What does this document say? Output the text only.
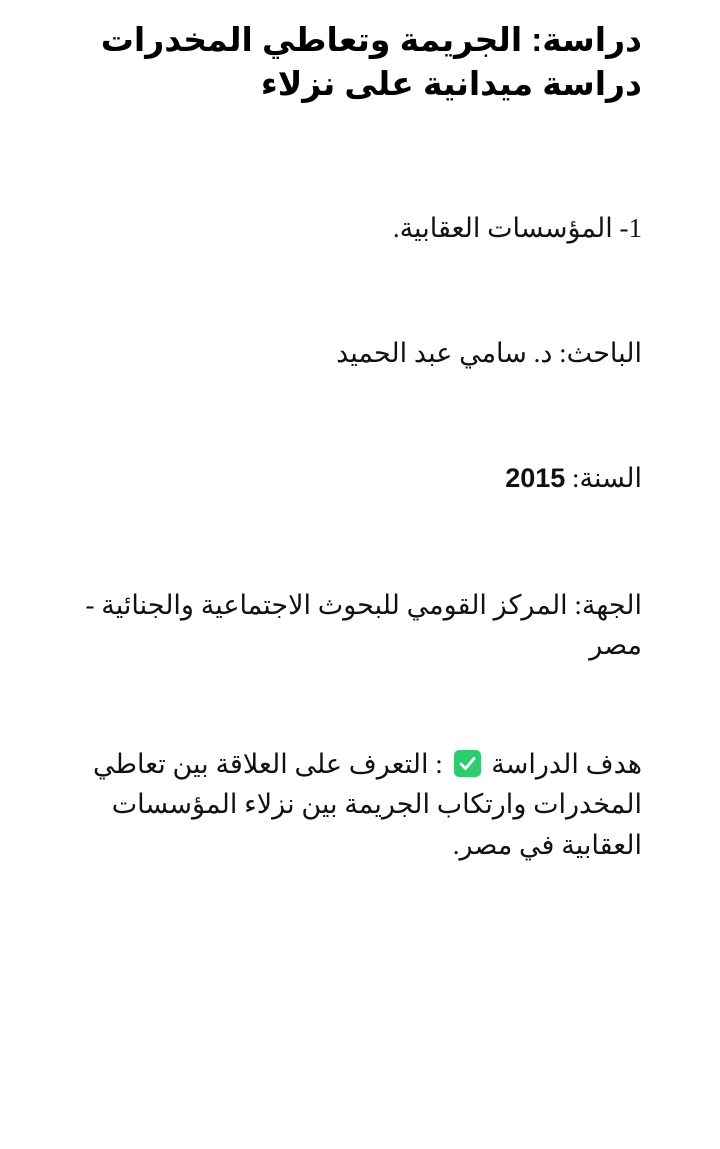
دراسة: الجريمة وتعاطي المخدرات دراسة ميدانية على نزلاء

1- المؤسسات العقابية.

الباحث: د. سامي عبد الحميد

السنة: 2015

الجهة: المركز القومي للبحوث الاجتماعية والجنائية - مصر

هدف الدراسة
: التعرف على العلاقة بين تعاطي المخدرات وارتكاب الجريمة بين نزلاء المؤسسات العقابية في مصر.
